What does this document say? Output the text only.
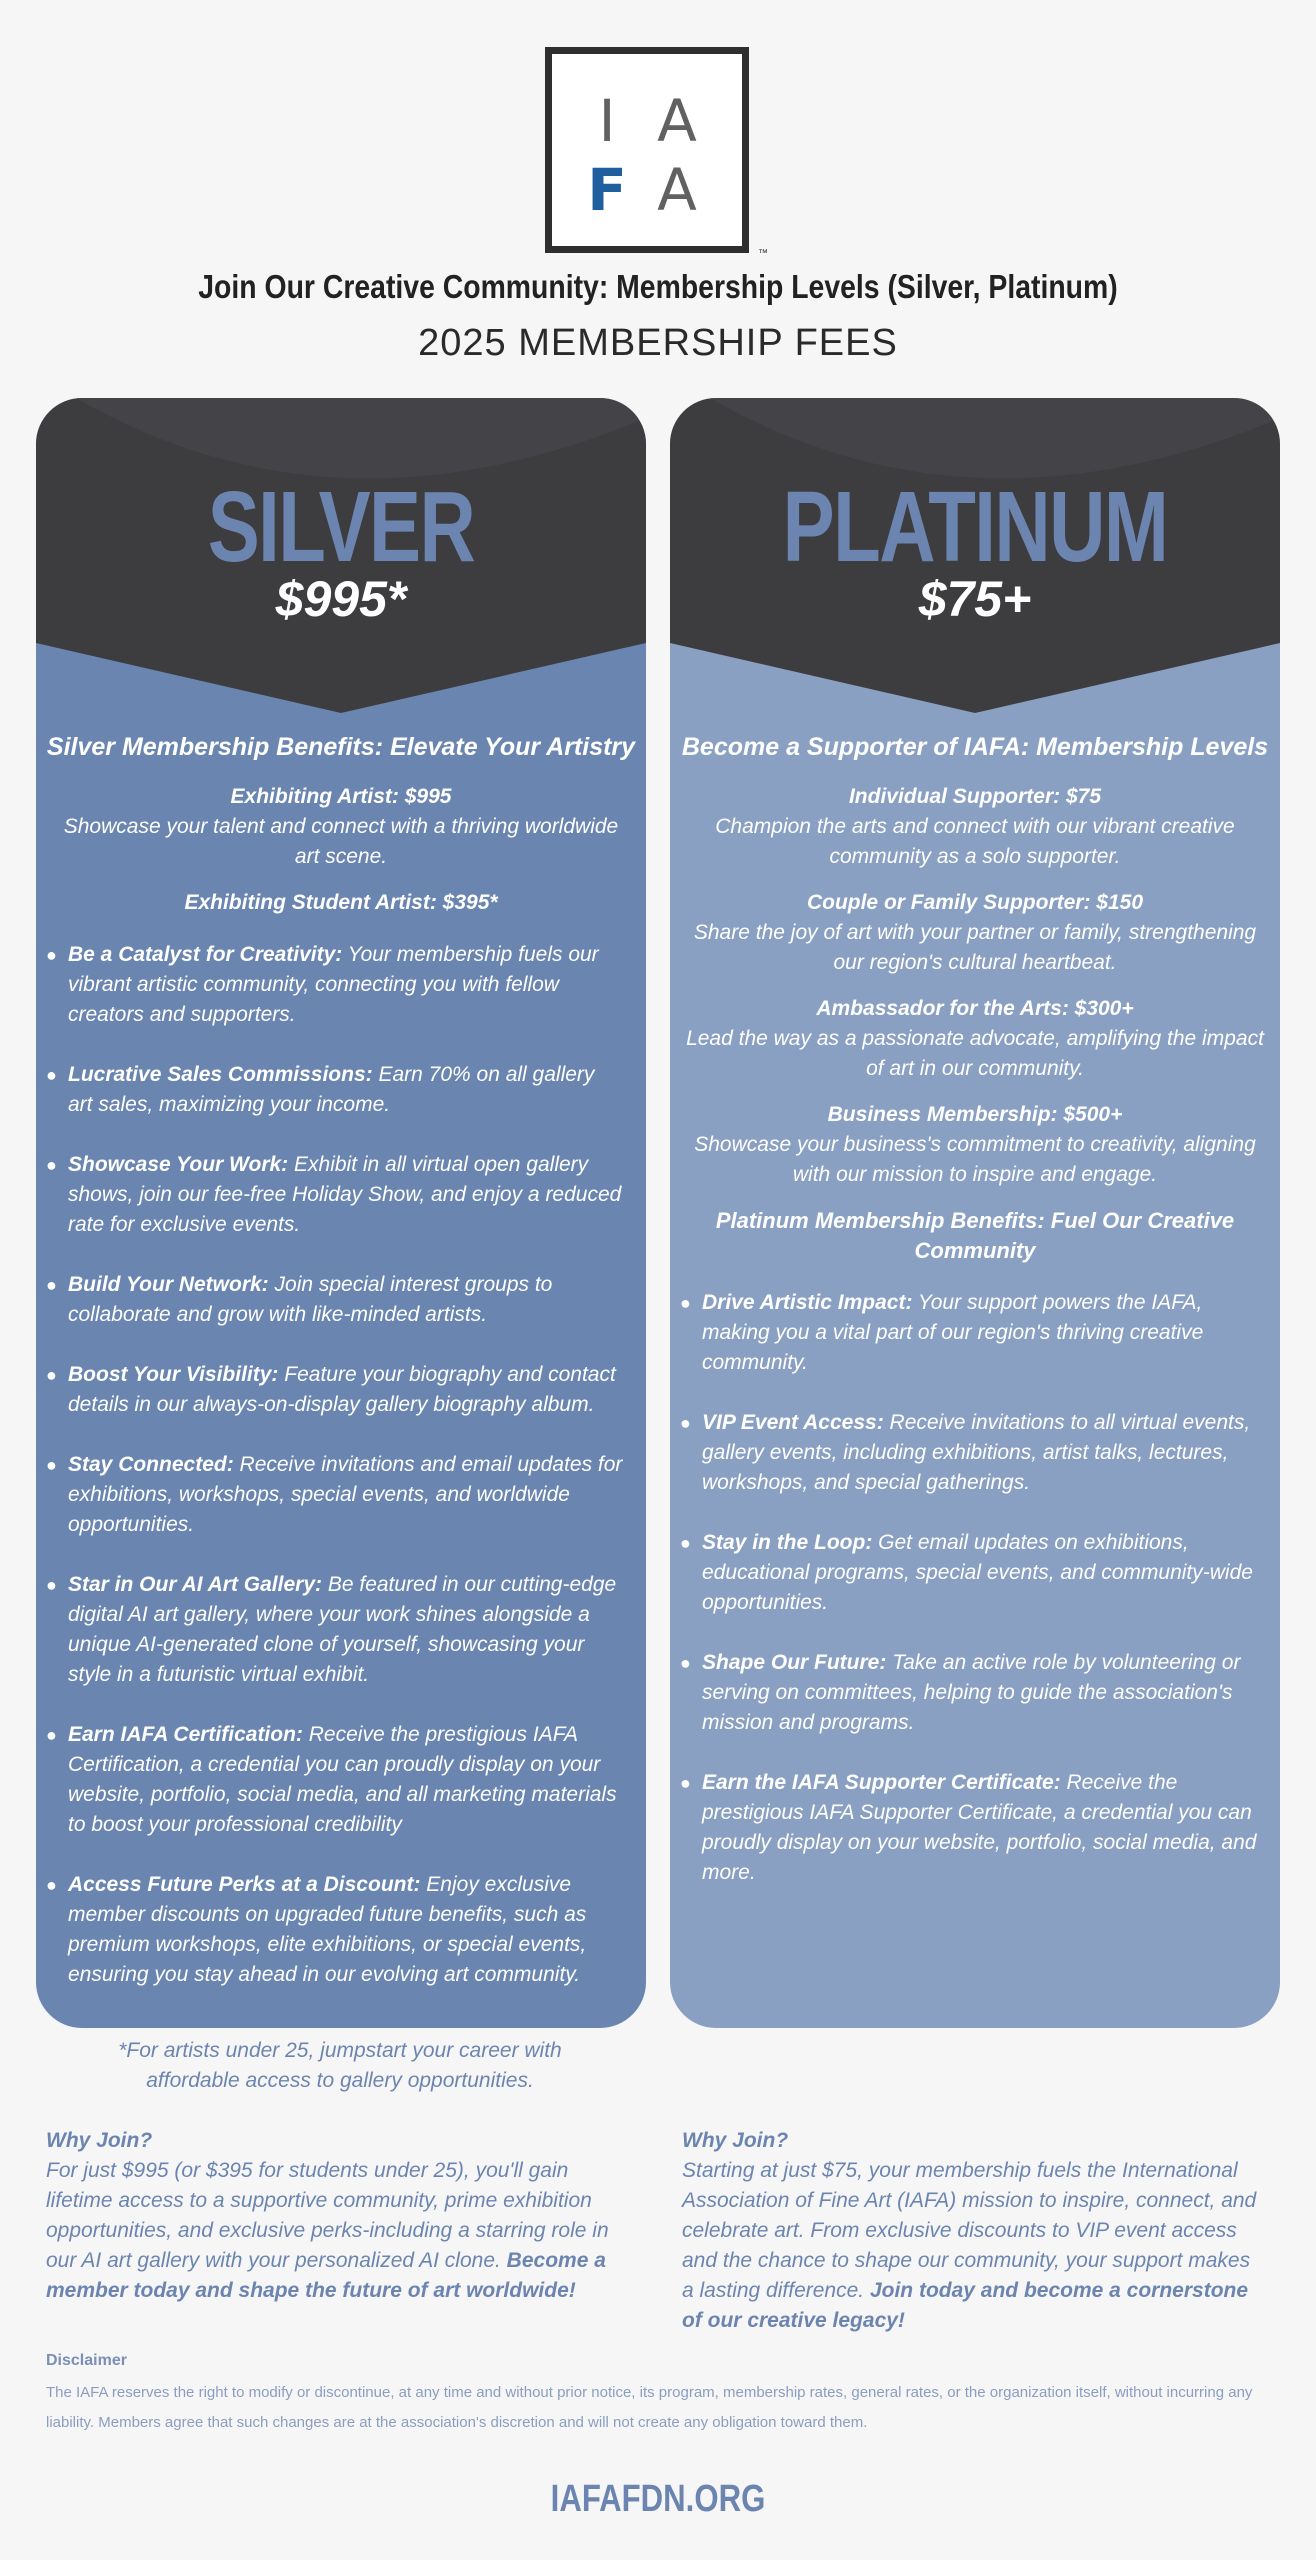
I A
F A
™
Join Our Creative Community: Membership Levels (Silver, Platinum)
2025 MEMBERSHIP FEES
SILVER
$995*
Silver Membership Benefits: Elevate Your Artistry
Exhibiting Artist: $995
Showcase your talent and connect with a thriving worldwide art scene.
Exhibiting Student Artist: $395*
● Be a Catalyst for Creativity: Your membership fuels our vibrant artistic community, connecting you with fellow creators and supporters.
● Lucrative Sales Commissions: Earn 70% on all gallery art sales, maximizing your income.
● Showcase Your Work: Exhibit in all virtual open gallery shows, join our fee-free Holiday Show, and enjoy a reduced rate for exclusive events.
● Build Your Network: Join special interest groups to collaborate and grow with like-minded artists.
● Boost Your Visibility: Feature your biography and contact details in our always-on-display gallery biography album.
● Stay Connected: Receive invitations and email updates for exhibitions, workshops, special events, and worldwide opportunities.
● Star in Our AI Art Gallery: Be featured in our cutting-edge digital AI art gallery, where your work shines alongside a unique AI-generated clone of yourself, showcasing your style in a futuristic virtual exhibit.
● Earn IAFA Certification: Receive the prestigious IAFA Certification, a credential you can proudly display on your website, portfolio, social media, and all marketing materials to boost your professional credibility
● Access Future Perks at a Discount: Enjoy exclusive member discounts on upgraded future benefits, such as premium workshops, elite exhibitions, or special events, ensuring you stay ahead in our evolving art community.
PLATINUM
$75+
Become a Supporter of IAFA: Membership Levels
Individual Supporter: $75
Champion the arts and connect with our vibrant creative community as a solo supporter.
Couple or Family Supporter: $150
Share the joy of art with your partner or family, strengthening our region's cultural heartbeat.
Ambassador for the Arts: $300+
Lead the way as a passionate advocate, amplifying the impact of art in our community.
Business Membership: $500+
Showcase your business's commitment to creativity, aligning with our mission to inspire and engage.
Platinum Membership Benefits: Fuel Our Creative Community
● Drive Artistic Impact: Your support powers the IAFA, making you a vital part of our region's thriving creative community.
● VIP Event Access: Receive invitations to all virtual events, gallery events, including exhibitions, artist talks, lectures, workshops, and special gatherings.
● Stay in the Loop: Get email updates on exhibitions, educational programs, special events, and community-wide opportunities.
● Shape Our Future: Take an active role by volunteering or serving on committees, helping to guide the association's mission and programs.
● Earn the IAFA Supporter Certificate: Receive the prestigious IAFA Supporter Certificate, a credential you can proudly display on your website, portfolio, social media, and more.
*For artists under 25, jumpstart your career with affordable access to gallery opportunities.
Why Join?

For just $995 (or $395 for students under 25), you'll gain lifetime access to a supportive community, prime exhibition opportunities, and exclusive perks-including a starring role in our AI art gallery with your personalized AI clone. Become a member today and shape the future of art worldwide!

Why Join?

Starting at just $75, your membership fuels the International Association of Fine Art (IAFA) mission to inspire, connect, and celebrate art. From exclusive discounts to VIP event access and the chance to shape our community, your support makes a lasting difference. Join today and become a cornerstone of our creative legacy!

Disclaimer

The IAFA reserves the right to modify or discontinue, at any time and without prior notice, its program, membership rates, general rates, or the organization itself, without incurring any liability. Members agree that such changes are at the association's discretion and will not create any obligation toward them.

IAFAFDN.ORG
